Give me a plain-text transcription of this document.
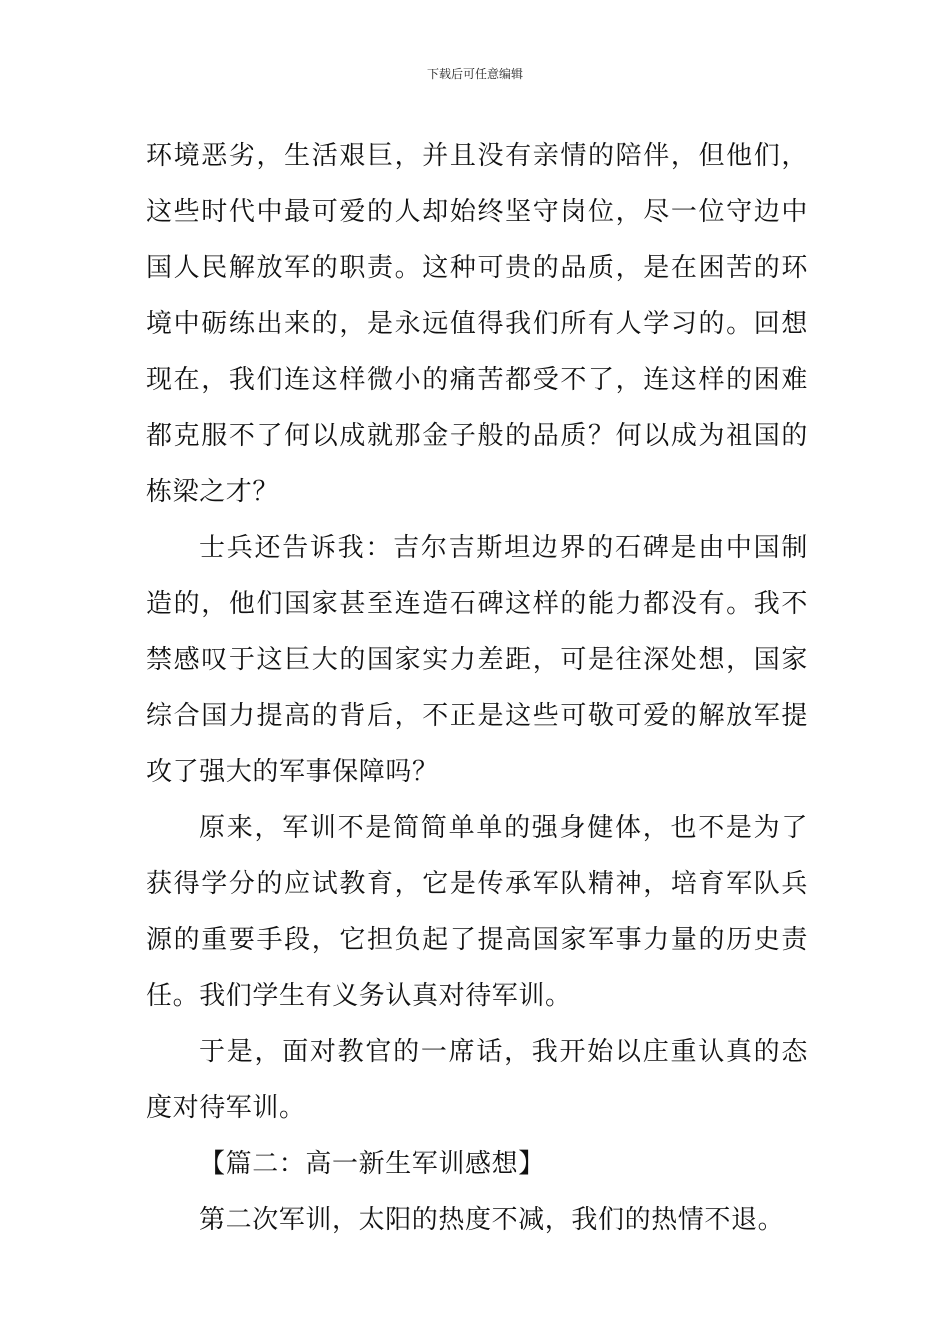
下载后可任意编辑

环境恶劣，生活艰巨，并且没有亲情的陪伴，但他们，这些时代中最可爱的人却始终坚守岗位，尽一位守边中国人民解放军的职责。这种可贵的品质，是在困苦的环境中砺练出来的，是永远值得我们所有人学习的。回想现在，我们连这样微小的痛苦都受不了，连这样的困难都克服不了何以成就那金子般的品质？何以成为祖国的栋梁之才？

士兵还告诉我：吉尔吉斯坦边界的石碑是由中国制造的，他们国家甚至连造石碑这样的能力都没有。我不禁感叹于这巨大的国家实力差距，可是往深处想，国家综合国力提高的背后，不正是这些可敬可爱的解放军提攻了强大的军事保障吗？

原来，军训不是简简单单的强身健体，也不是为了获得学分的应试教育，它是传承军队精神，培育军队兵源的重要手段，它担负起了提高国家军事力量的历史责任。我们学生有义务认真对待军训。

于是，面对教官的一席话，我开始以庄重认真的态度对待军训。

【篇二：高一新生军训感想】

第二次军训，太阳的热度不减，我们的热情不退。
